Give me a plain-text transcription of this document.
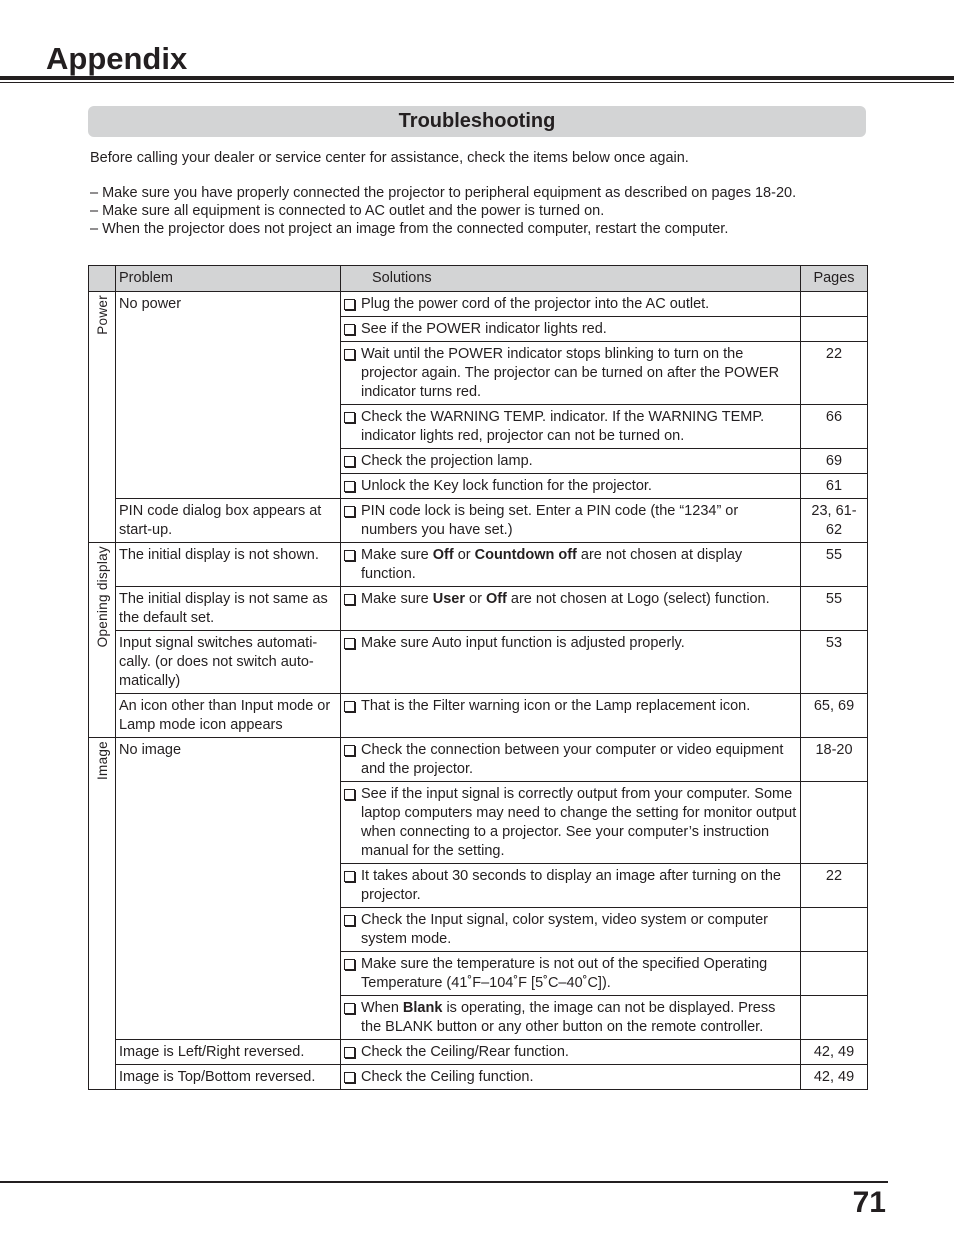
Appendix
Troubleshooting
Before calling your dealer or service center for assistance, check the items below once again.
– Make sure you have properly connected the projector to peripheral equipment as described on pages 18-20.
– Make sure all equipment is connected to AC outlet and the power is turned on.
– When the projector does not project an image from the connected computer, restart the computer.
	Problem	Solutions	Pages
Power	No power	Plug the power cord of the projector into the AC outlet.	

		See if the POWER indicator lights red.	

		Wait until the POWER indicator stops blinking to turn on the projector again. The projector can be turned on after the POWER indicator turns red.	22

		Check the WARNING TEMP. indicator. If the WARNING TEMP. indicator lights red, projector can not be turned on.	66

		Check the projection lamp.	69

		Unlock the Key lock function for the projector.	61
	PIN code dialog box appears at start-up.	PIN code lock is being set. Enter a PIN code (the “1234” or numbers you have set.)	23, 61-62
Opening display	The initial display is not shown.	Make sure Off or Countdown off are not chosen at display function.	55
	The initial display is not same as the default set.	Make sure User or Off are not chosen at Logo (select) function.	55
	Input signal switches automati-cally. (or does not switch auto-matically)	Make sure Auto input function is adjusted properly.	53
	An icon other than Input mode or Lamp mode icon appears	That is the Filter warning icon or the Lamp replacement icon.	65, 69
Image	No image	Check the connection between your computer or video equipment and the projector.	18-20

		See if the input signal is correctly output from your computer. Some laptop computers may need to change the setting for monitor output when connecting to a projector. See your computer’s instruction manual for the setting.	

		It takes about 30 seconds to display an image after turning on the projector.	22

		Check the Input signal, color system, video system or computer system mode.	

		Make sure the temperature is not out of the specified Operating Temperature (41˚F–104˚F [5˚C–40˚C]).	

		When Blank is operating, the image can not be displayed. Press the BLANK button or any other button on the remote controller.	

	Image is Left/Right reversed.	Check the Ceiling/Rear function.	42, 49
	Image is Top/Bottom reversed.	Check the Ceiling function.	42, 49
71
